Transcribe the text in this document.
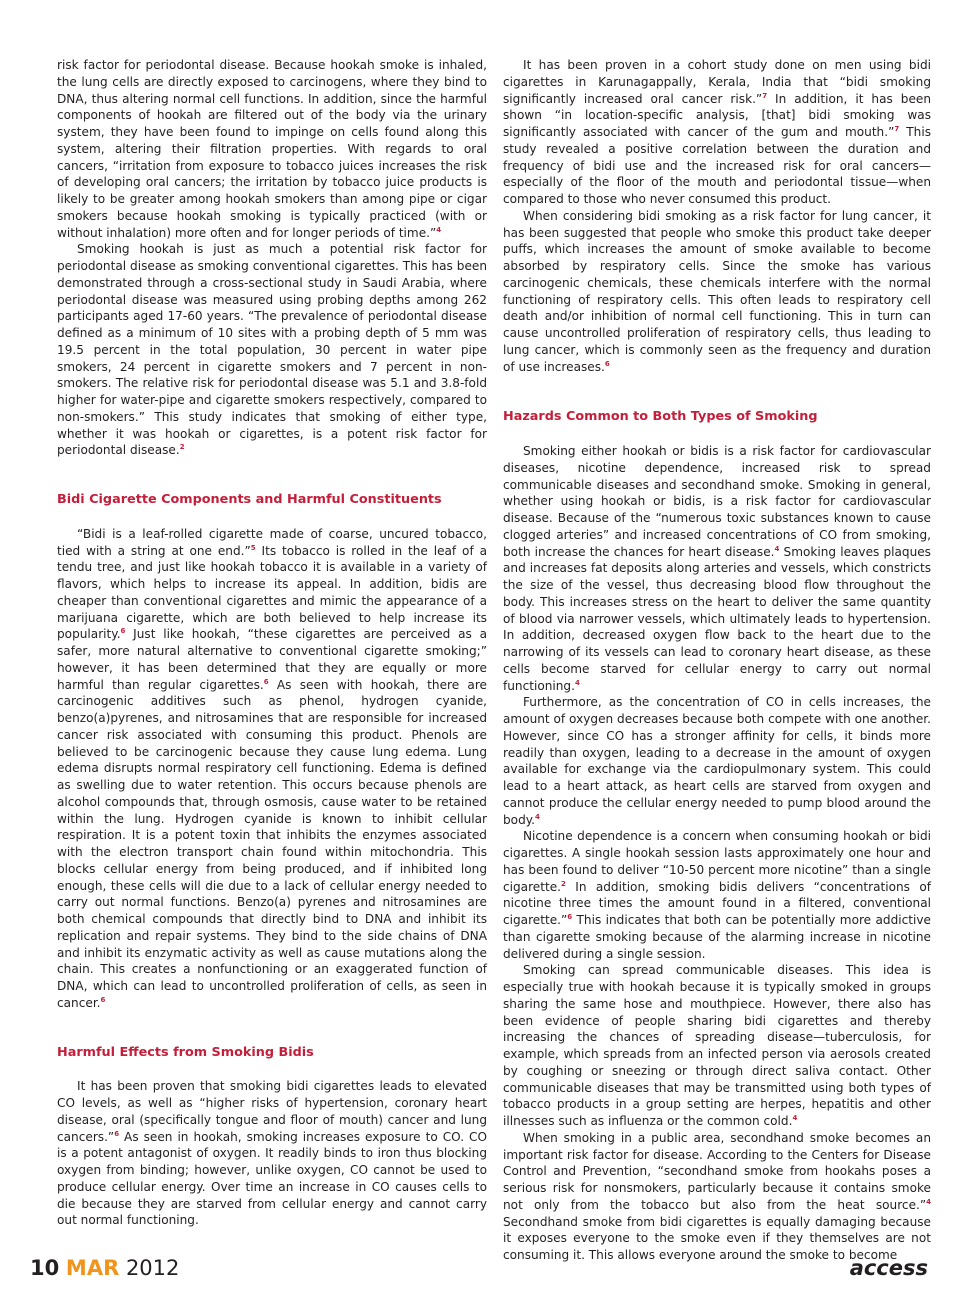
risk factor for periodontal disease. Because hookah smoke is inhaled, the lung cells are directly exposed to carcinogens, where they bind to DNA, thus altering normal cell functions. In addition, since the harmful components of hookah are filtered out of the body via the urinary system, they have been found to impinge on cells found along this system, altering their filtration properties. With regards to oral cancers, “irritation from exposure to tobacco juices increases the risk of developing oral cancers; the irritation by tobacco juice products is likely to be greater among hookah smokers than among pipe or cigar smokers because hookah smoking is typically practiced (with or without inhalation) more often and for longer periods of time.”$^4$

Smoking hookah is just as much a potential risk factor for periodontal disease as smoking conventional cigarettes. This has been demonstrated through a cross-sectional study in Saudi Arabia, where periodontal disease was measured using probing depths among 262 participants aged 17-60 years. “The prevalence of periodontal disease defined as a minimum of 10 sites with a probing depth of 5 mm was 19.5 percent in the total population, 30 percent in water pipe smokers, 24 percent in cigarette smokers and 7 percent in non-smokers. The relative risk for periodontal disease was 5.1 and 3.8-fold higher for water-pipe and cigarette smokers respectively, compared to non-smokers.” This study indicates that smoking of either type, whether it was hookah or cigarettes, is a potent risk factor for periodontal disease.$^2$

Bidi Cigarette Components and Harmful Constituents

“Bidi is a leaf-rolled cigarette made of coarse, uncured tobacco, tied with a string at one end.”$^5$ Its tobacco is rolled in the leaf of a tendu tree, and just like hookah tobacco it is available in a variety of flavors, which helps to increase its appeal. In addition, bidis are cheaper than conventional cigarettes and mimic the appearance of a marijuana cigarette, which are both believed to help increase its popularity.$^6$ Just like hookah, “these cigarettes are perceived as a safer, more natural alternative to conventional cigarette smoking;” however, it has been determined that they are equally or more harmful than regular cigarettes.$^6$ As seen with hookah, there are carcinogenic additives such as phenol, hydrogen cyanide, benzo(a)pyrenes, and nitrosamines that are responsible for increased cancer risk associated with consuming this product. Phenols are believed to be carcinogenic because they cause lung edema. Lung edema disrupts normal respiratory cell functioning. Edema is defined as swelling due to water retention. This occurs because phenols are alcohol compounds that, through osmosis, cause water to be retained within the lung. Hydrogen cyanide is known to inhibit cellular respiration. It is a potent toxin that inhibits the enzymes associated with the electron transport chain found within mitochondria. This blocks cellular energy from being produced, and if inhibited long enough, these cells will die due to a lack of cellular energy needed to carry out normal functions. Benzo(a) pyrenes and nitrosamines are both chemical compounds that directly bind to DNA and inhibit its replication and repair systems. They bind to the side chains of DNA and inhibit its enzymatic activity as well as cause mutations along the chain. This creates a nonfunctioning or an exaggerated function of DNA, which can lead to uncontrolled proliferation of cells, as seen in cancer.$^6$

Harmful Effects from Smoking Bidis

It has been proven that smoking bidi cigarettes leads to elevated CO levels, as well as “higher risks of hypertension, coronary heart disease, oral (specifically tongue and floor of mouth) cancer and lung cancers.”$^6$ As seen in hookah, smoking increases exposure to CO. CO is a potent antagonist of oxygen. It readily binds to iron thus blocking oxygen from binding; however, unlike oxygen, CO cannot be used to produce cellular energy. Over time an increase in CO causes cells to die because they are starved from cellular energy and cannot carry out normal functioning.

It has been proven in a cohort study done on men using bidi cigarettes in Karunagappally, Kerala, India that “bidi smoking significantly increased oral cancer risk.”$^7$ In addition, it has been shown “in location-specific analysis, [that] bidi smoking was significantly associated with cancer of the gum and mouth.”$^7$ This study revealed a positive correlation between the duration and frequency of bidi use and the increased risk for oral cancers—especially of the floor of the mouth and periodontal tissue—when compared to those who never consumed this product.

When considering bidi smoking as a risk factor for lung cancer, it has been suggested that people who smoke this product take deeper puffs, which increases the amount of smoke available to become absorbed by respiratory cells. Since the smoke has various carcinogenic chemicals, these chemicals interfere with the normal functioning of respiratory cells. This often leads to respiratory cell death and/or inhibition of normal cell functioning. This in turn can cause uncontrolled proliferation of respiratory cells, thus leading to lung cancer, which is commonly seen as the frequency and duration of use increases.$^6$

Hazards Common to Both Types of Smoking

Smoking either hookah or bidis is a risk factor for cardiovascular diseases, nicotine dependence, increased risk to spread communicable diseases and secondhand smoke. Smoking in general, whether using hookah or bidis, is a risk factor for cardiovascular disease. Because of the “numerous toxic substances known to cause clogged arteries” and increased concentrations of CO from smoking, both increase the chances for heart disease.$^4$ Smoking leaves plaques and increases fat deposits along arteries and vessels, which constricts the size of the vessel, thus decreasing blood flow throughout the body. This increases stress on the heart to deliver the same quantity of blood via narrower vessels, which ultimately leads to hypertension. In addition, decreased oxygen flow back to the heart due to the narrowing of its vessels can lead to coronary heart disease, as these cells become starved for cellular energy to carry out normal functioning.$^4$

Furthermore, as the concentration of CO in cells increases, the amount of oxygen decreases because both compete with one another. However, since CO has a stronger affinity for cells, it binds more readily than oxygen, leading to a decrease in the amount of oxygen available for exchange via the cardiopulmonary system. This could lead to a heart attack, as heart cells are starved from oxygen and cannot produce the cellular energy needed to pump blood around the body.$^4$

Nicotine dependence is a concern when consuming hookah or bidi cigarettes. A single hookah session lasts approximately one hour and has been found to deliver “10-50 percent more nicotine” than a single cigarette.$^2$ In addition, smoking bidis delivers “concentrations of nicotine three times the amount found in a filtered, conventional cigarette.”$^6$ This indicates that both can be potentially more addictive than cigarette smoking because of the alarming increase in nicotine delivered during a single session.

Smoking can spread communicable diseases. This idea is especially true with hookah because it is typically smoked in groups sharing the same hose and mouthpiece. However, there also has been evidence of people sharing bidi cigarettes and thereby increasing the chances of spreading disease—tuberculosis, for example, which spreads from an infected person via aerosols created by coughing or sneezing or through direct saliva contact. Other communicable diseases that may be transmitted using both types of tobacco products in a group setting are herpes, hepatitis and other illnesses such as influenza or the common cold.$^4$

When smoking in a public area, secondhand smoke becomes an important risk factor for disease. According to the Centers for Disease Control and Prevention, “secondhand smoke from hookahs poses a serious risk for nonsmokers, particularly because it contains smoke not only from the tobacco but also from the heat source.”$^4$ Secondhand smoke from bidi cigarettes is equally damaging because it exposes everyone to the smoke even if they themselves are not consuming it. This allows everyone around the smoke to become

10 MAR 2012	access
